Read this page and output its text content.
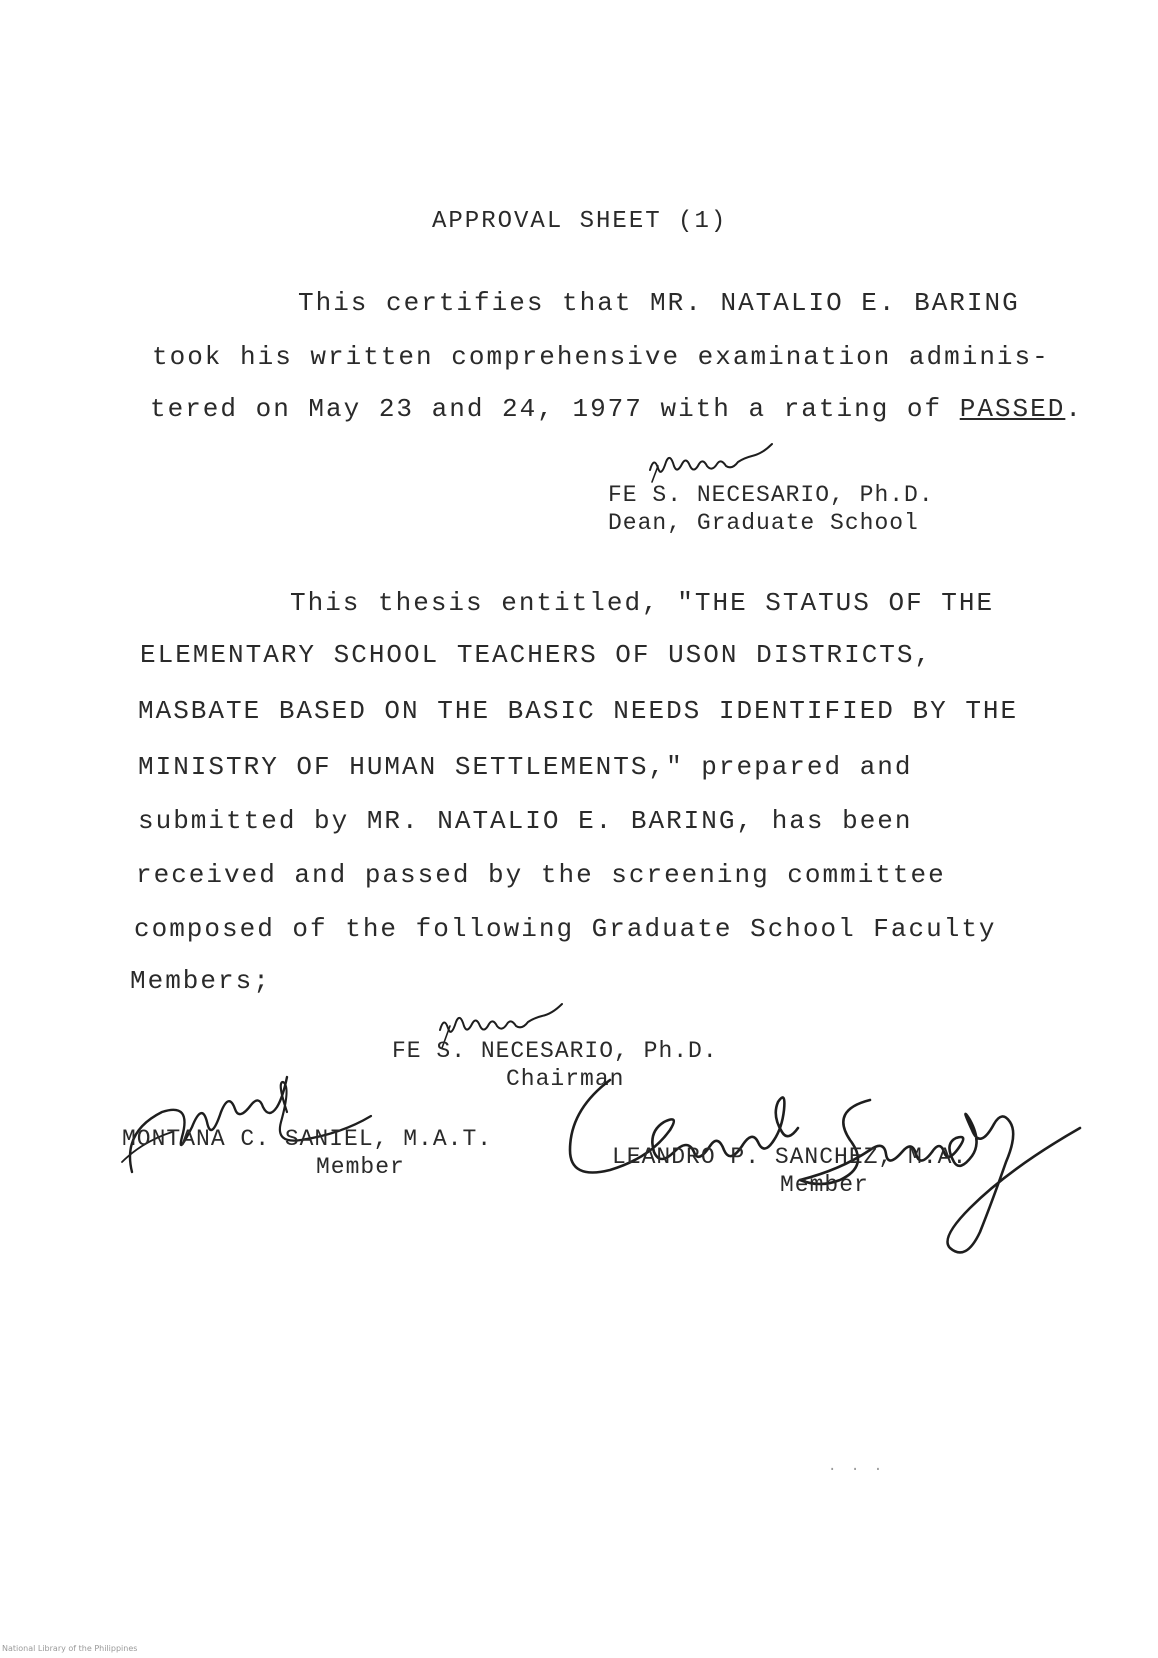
APPROVAL SHEET (1)
This certifies that MR. NATALIO E. BARING
took his written comprehensive examination adminis-
tered on May 23 and 24, 1977 with a rating of PASSED.
FE S. NECESARIO, Ph.D.
Dean, Graduate School
This thesis entitled, "THE STATUS OF THE
ELEMENTARY SCHOOL TEACHERS OF USON DISTRICTS,
MASBATE BASED ON THE BASIC NEEDS IDENTIFIED BY THE
MINISTRY OF HUMAN SETTLEMENTS," prepared and
submitted by MR. NATALIO E. BARING, has been
received and passed by the screening committee
composed of the following Graduate School Faculty
Members;
FE S. NECESARIO, Ph.D.
Chairman
MONTANA C. SANIEL, M.A.T.
Member	LEANDRO P. SANCHEZ, M.A.
Member
. . .
National Library of the Philippines
